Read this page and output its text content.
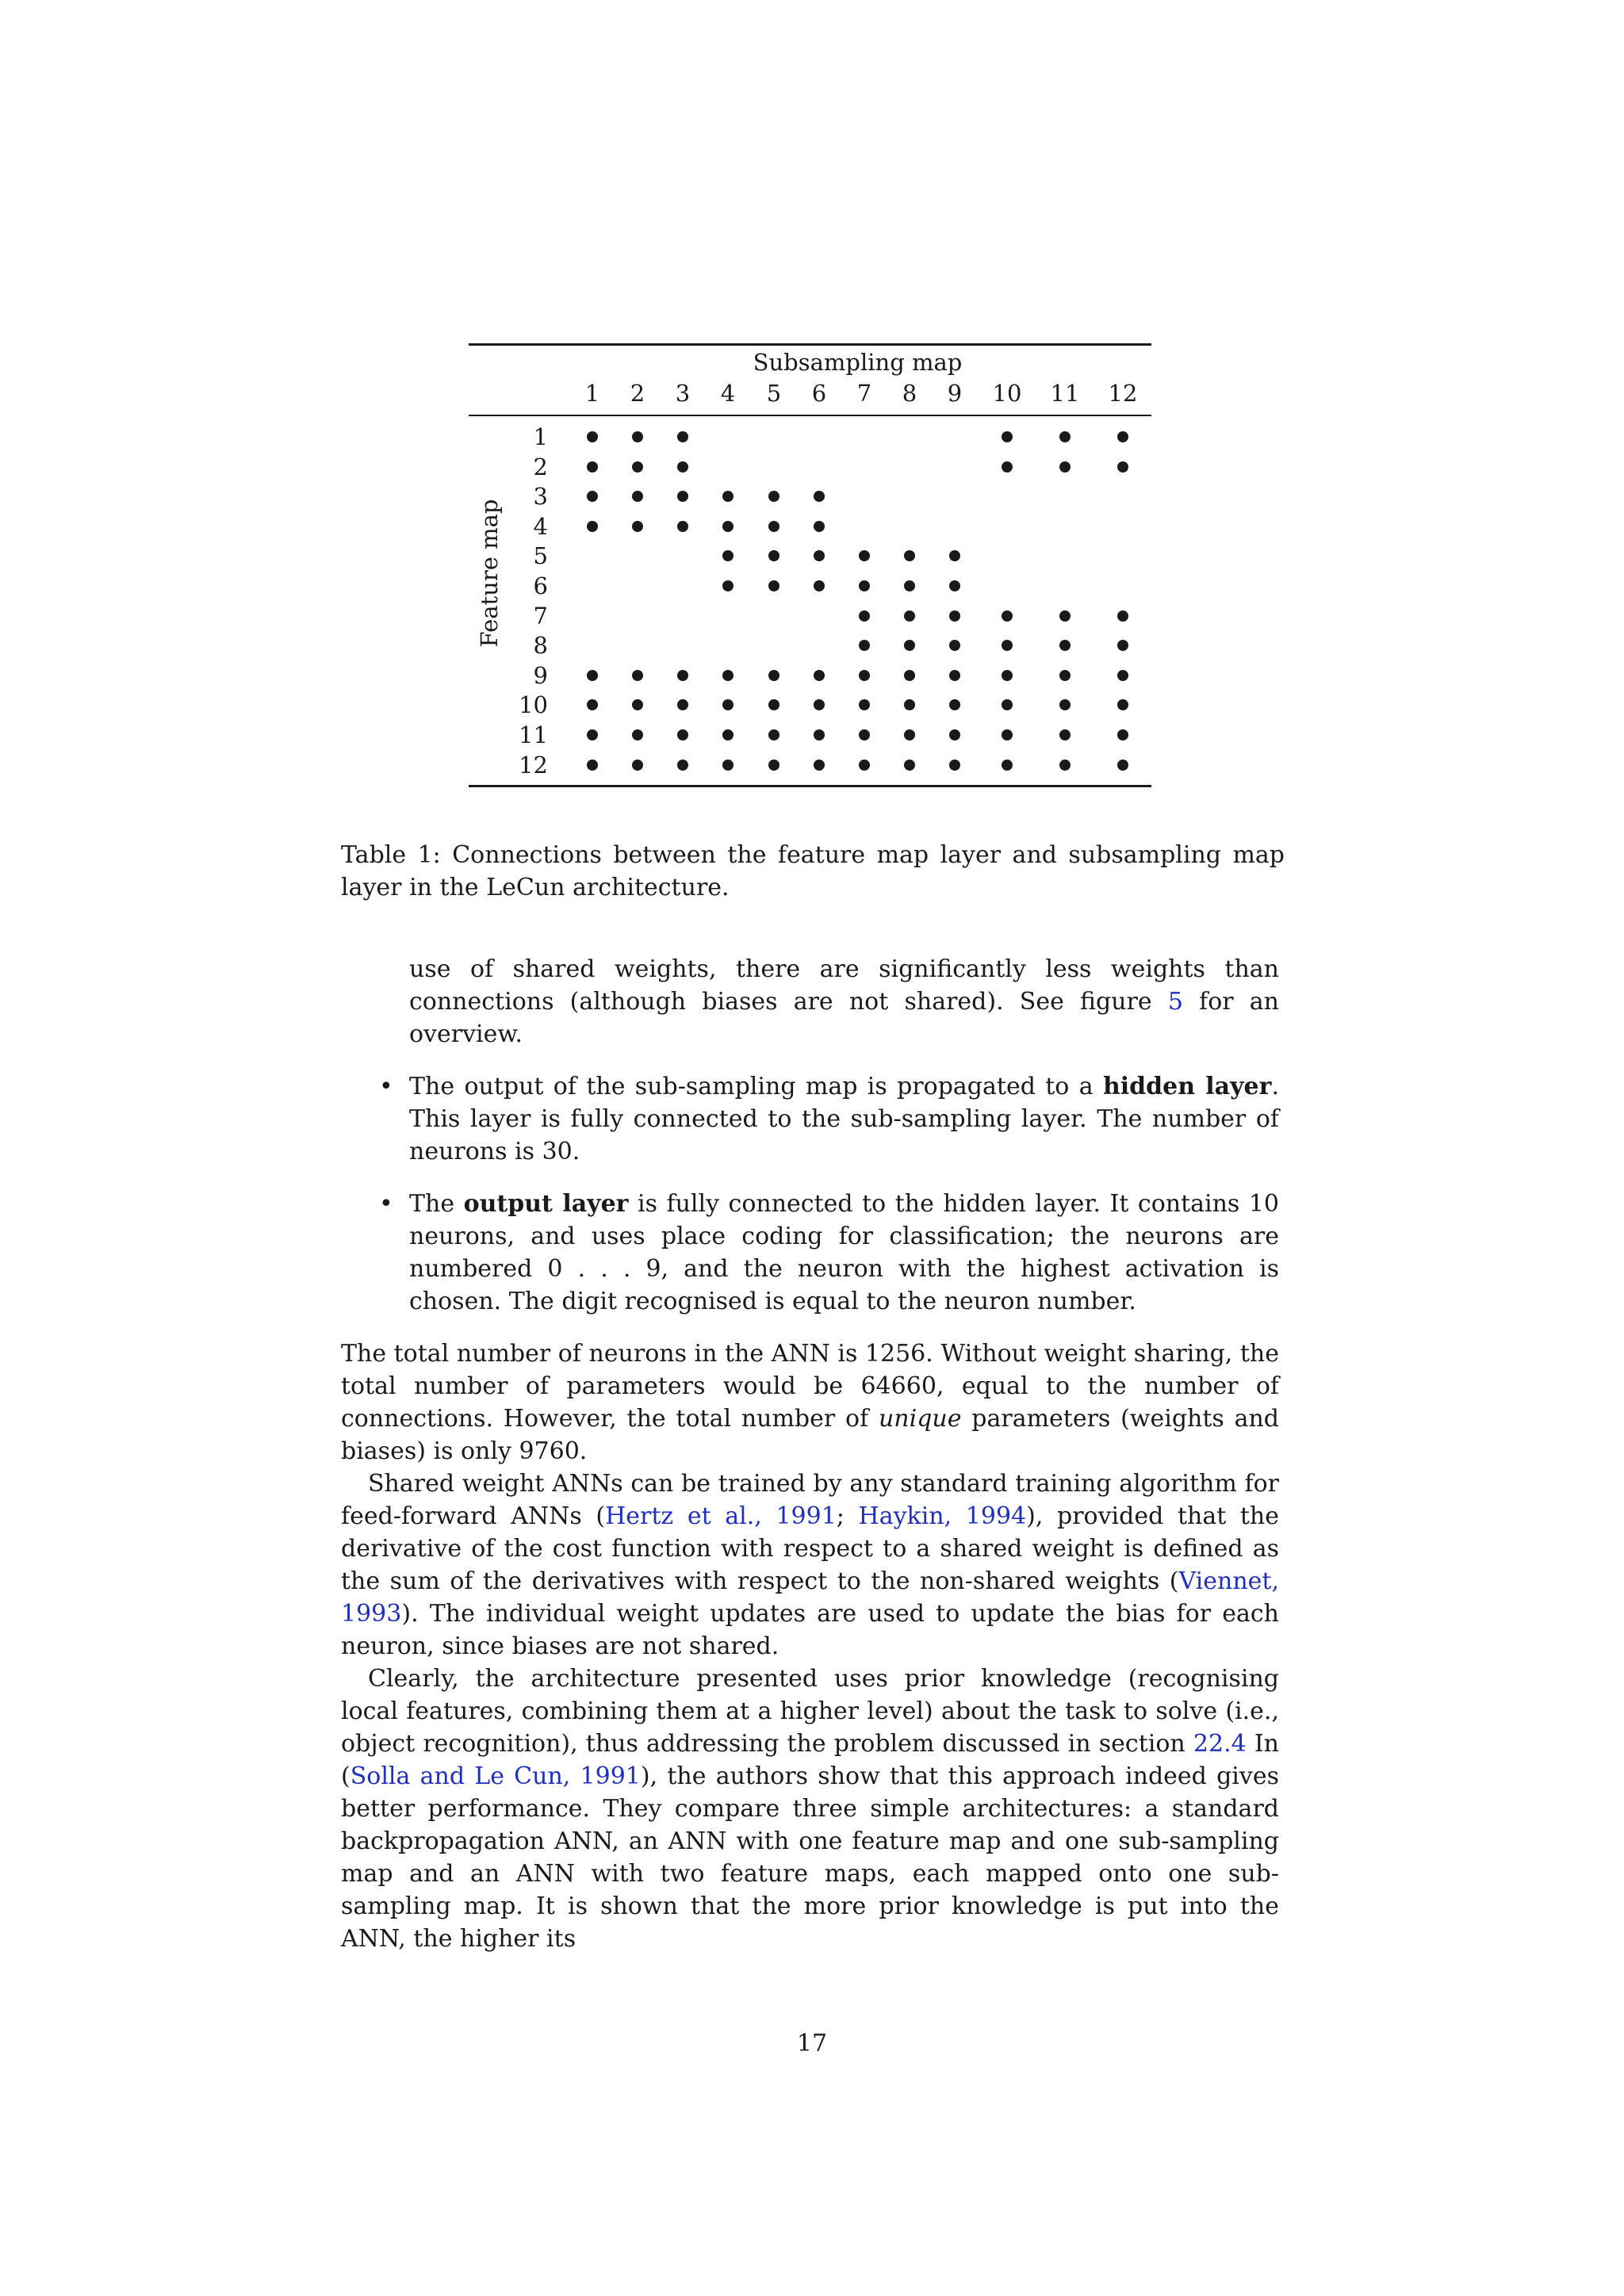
Subsampling map
1 2 3 4 5 6 7 8 9 10 11 12
Feature map
1
2
3
4
5
6
7
8
9
10
11
12
Table 1: Connections between the feature map layer and subsampling map layer in the LeCun architecture.

use of shared weights, there are significantly less weights than connections (although biases are not shared). See figure 5 for an overview.

• The output of the sub-sampling map is propagated to a hidden layer. This layer is fully connected to the sub-sampling layer. The number of neurons is 30.

• The output layer is fully connected to the hidden layer. It contains 10 neurons, and uses place coding for classification; the neurons are numbered 0 . . . 9, and the neuron with the highest activation is chosen. The digit recognised is equal to the neuron number.

The total number of neurons in the ANN is 1256. Without weight sharing, the total number of parameters would be 64660, equal to the number of connections. However, the total number of unique parameters (weights and biases) is only 9760.

Shared weight ANNs can be trained by any standard training algorithm for feed-forward ANNs (Hertz et al., 1991; Haykin, 1994), provided that the derivative of the cost function with respect to a shared weight is defined as the sum of the derivatives with respect to the non-shared weights (Viennet, 1993). The individual weight updates are used to update the bias for each neuron, since biases are not shared.

Clearly, the architecture presented uses prior knowledge (recognising local features, combining them at a higher level) about the task to solve (i.e., object recognition), thus addressing the problem discussed in section 22.4 In (Solla and Le Cun, 1991), the authors show that this approach indeed gives better performance. They compare three simple architectures: a standard backpropagation ANN, an ANN with one feature map and one sub-sampling map and an ANN with two feature maps, each mapped onto one sub-sampling map. It is shown that the more prior knowledge is put into the ANN, the higher its

17
